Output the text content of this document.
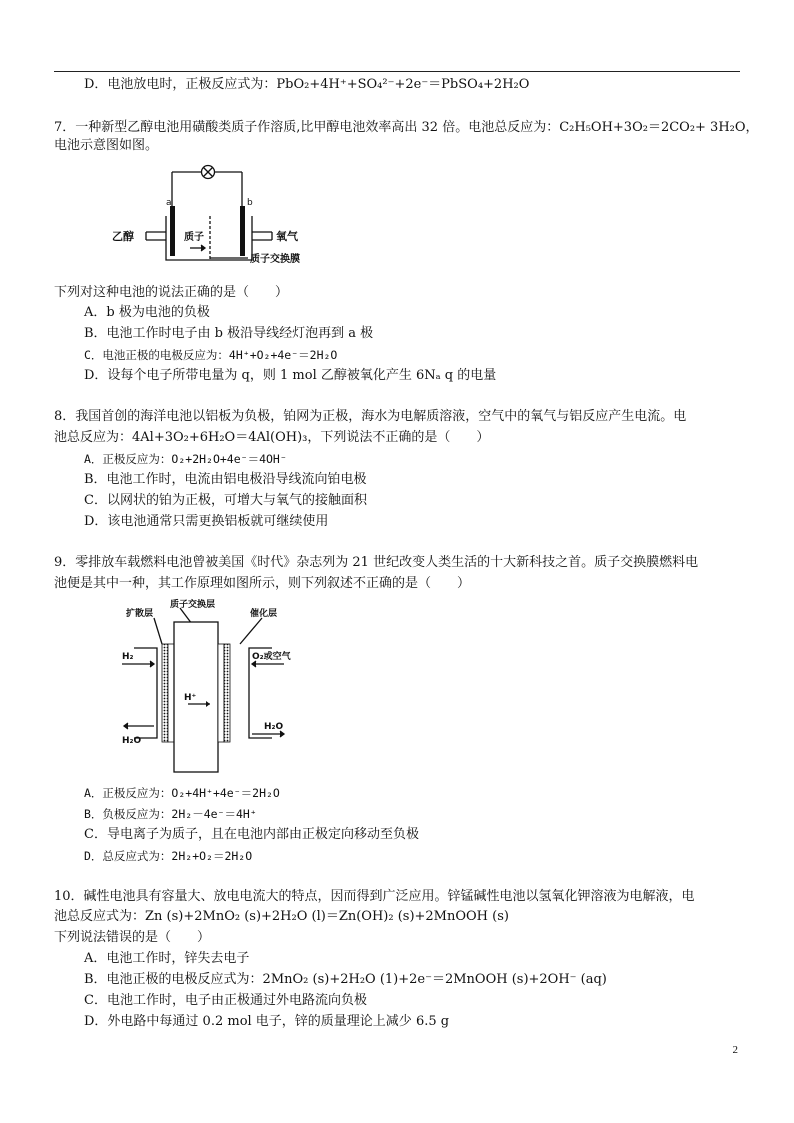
D．电池放电时，正极反应式为：PbO₂+4H⁺+SO₄²⁻+2e⁻＝PbSO₄+2H₂O
7．一种新型乙醇电池用磺酸类质子作溶质,比甲醇电池效率高出 32 倍。电池总反应为：C₂H₅OH+3O₂＝2CO₂+ 3H₂O，
电池示意图如图。
a	b
乙醇	氧气
质子
质子交换膜
下列对这种电池的说法正确的是（　　）
A．b 极为电池的负极
B．电池工作时电子由 b 极沿导线经灯泡再到 a 极
C．电池正极的电极反应为：4H⁺+O₂+4e⁻＝2H₂O
D．设每个电子所带电量为 q，则 1 mol 乙醇被氧化产生 6Nₐ q 的电量
8．我国首创的海洋电池以铝板为负极，铂网为正极，海水为电解质溶液，空气中的氧气与铝反应产生电流。电
池总反应为：4Al+3O₂+6H₂O＝4Al(OH)₃，下列说法不正确的是（　　）
A．正极反应为：O₂+2H₂O+4e⁻＝4OH⁻
B．电池工作时，电流由铝电极沿导线流向铂电极
C．以网状的铂为正极，可增大与氧气的接触面积
D．该电池通常只需更换铝板就可继续使用
9．零排放车载燃料电池曾被美国《时代》杂志列为 21 世纪改变人类生活的十大新科技之首。质子交换膜燃料电
池便是其中一种，其工作原理如图所示，则下列叙述不正确的是（　　）
扩散层
质子交换层
催化层
H₂	O₂或空气
H⁺
H₂O
H₂O
A．正极反应为：O₂+4H⁺+4e⁻＝2H₂O
B．负极反应为：2H₂－4e⁻＝4H⁺
C．导电离子为质子，且在电池内部由正极定向移动至负极
D．总反应式为：2H₂+O₂＝2H₂O
10．碱性电池具有容量大、放电电流大的特点，因而得到广泛应用。锌锰碱性电池以氢氧化钾溶液为电解液，电
池总反应式为：Zn (s)+2MnO₂ (s)+2H₂O (l)＝Zn(OH)₂ (s)+2MnOOH (s)
下列说法错误的是（　　）
A．电池工作时，锌失去电子
B．电池正极的电极反应式为：2MnO₂ (s)+2H₂O (1)+2e⁻＝2MnOOH (s)+2OH⁻ (aq)
C．电池工作时，电子由正极通过外电路流向负极
D．外电路中每通过 0.2 mol 电子，锌的质量理论上减少 6.5 g
2
